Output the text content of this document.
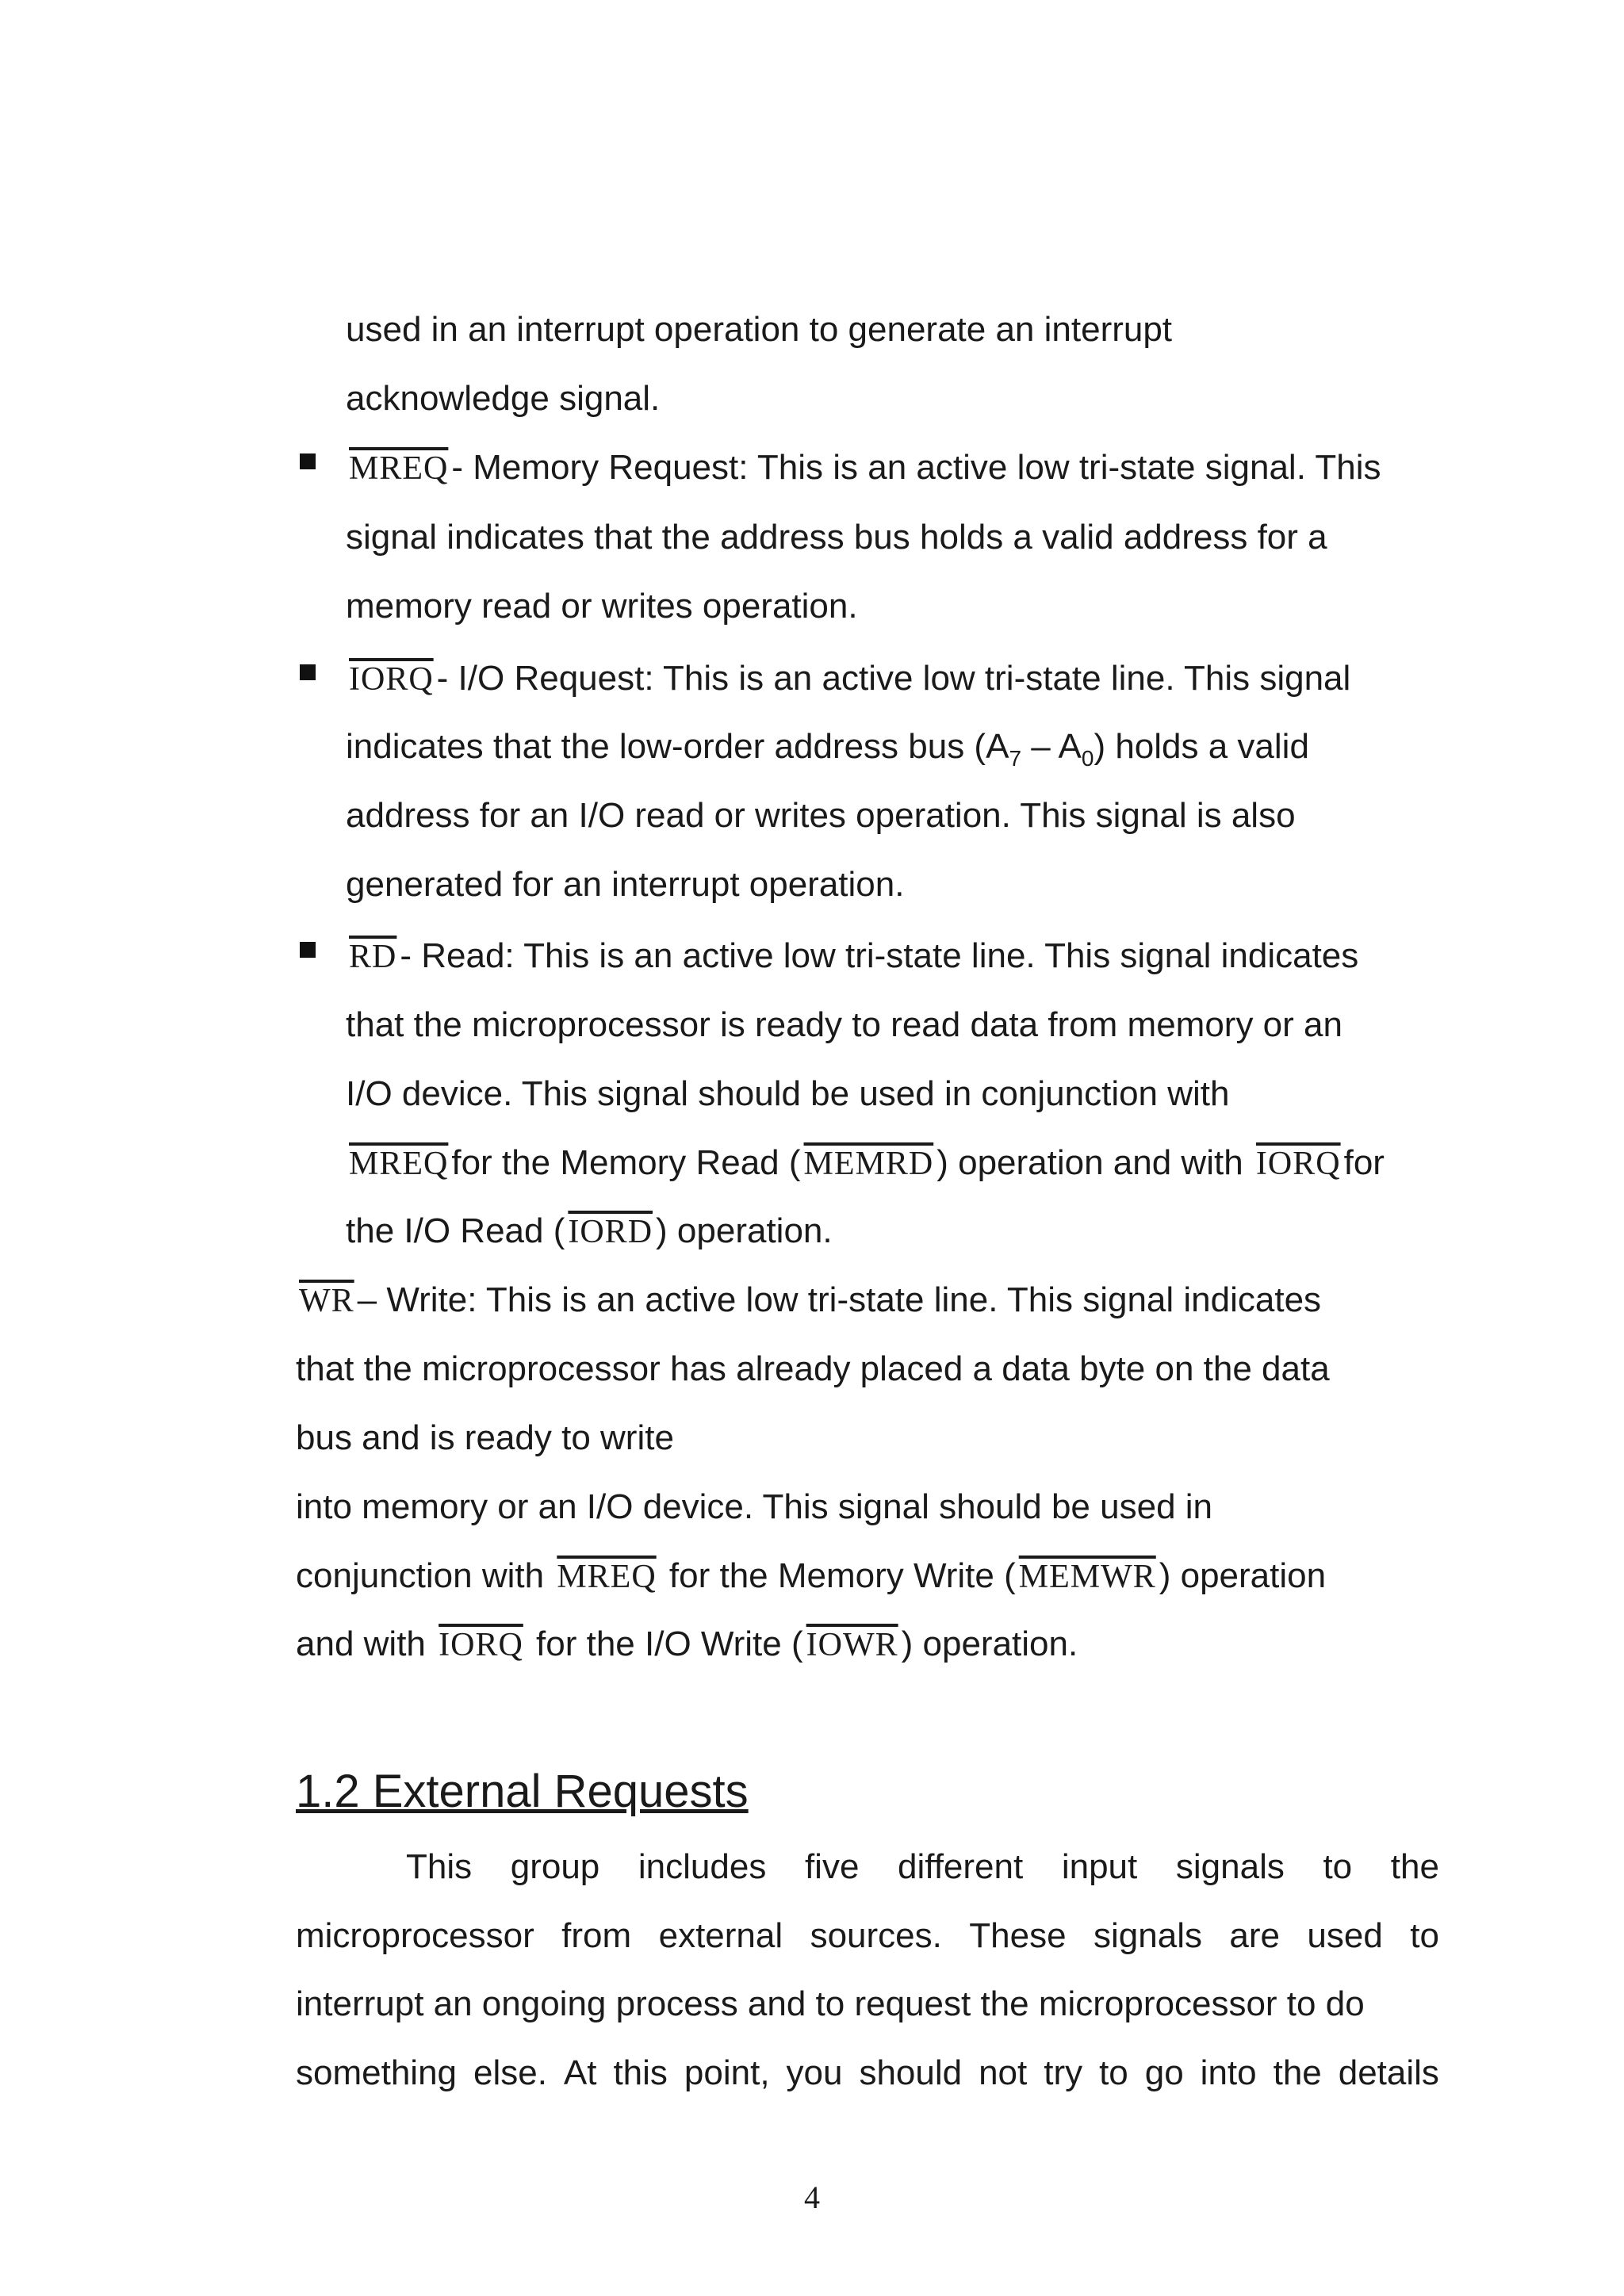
used in an interrupt operation to generate an interrupt
acknowledge signal.
MREQ- Memory Request: This is an active low tri-state signal. This
signal indicates that the address bus holds a valid address for a
memory read or writes operation.
IORQ- I/O Request: This is an active low tri-state line. This signal
indicates that the low-order address bus $(A_7 - A_0)$ holds a valid
address for an I/O read or writes operation. This signal is also
generated for an interrupt operation.
$\overline{RD}-$ Read: This is an active low tri-state line. This signal indicates
that the microprocessor is ready to read data from memory or an
I/O device. This signal should be used in conjunction with
MREQfor the Memory Read (MEMRD) operation and with IORQfor
the I/O Read (IORD) operation.
$\overline{WR}-$ Write: This is an active low tri-state line. This signal indicates
that the microprocessor has already placed a data byte on the data
bus and is ready to write
into memory or an I/O device. This signal should be used in
conjunction with MREQ for the Memory Write (MEMWR) operation
and with IORQ for the I/O Write (IOWR) operation.
1.2 External Requests
This group includes five different input signals to the
microprocessor from external sources. These signals are used to
interrupt an ongoing process and to request the microprocessor to do
something else. At this point, you should not try to go into the details
4
